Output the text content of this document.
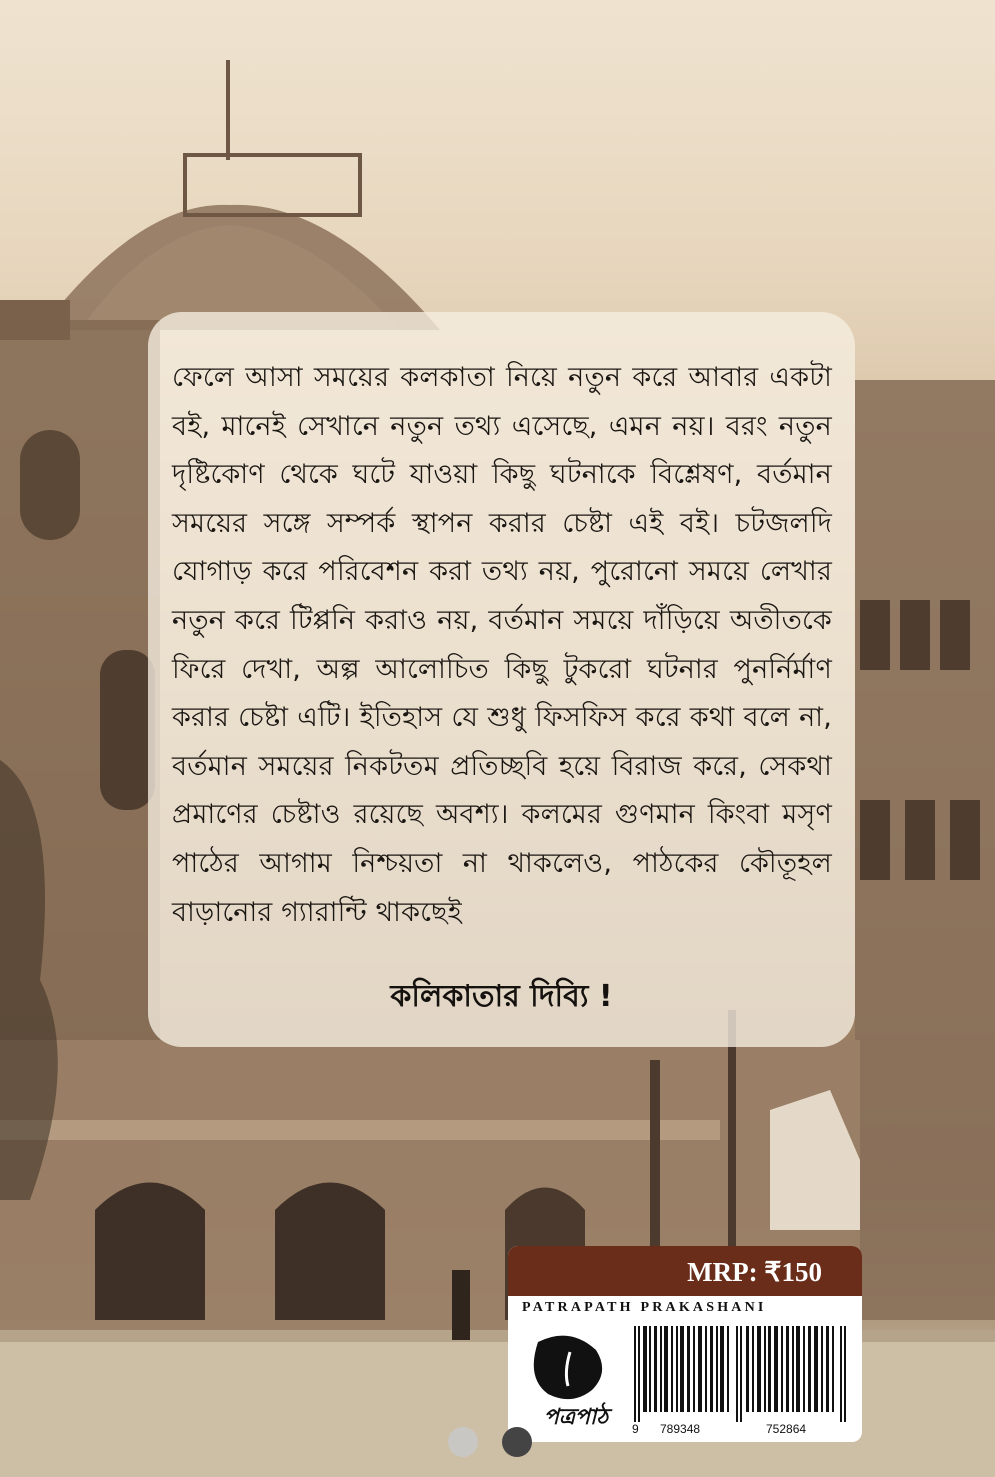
ফেলে আসা সময়ের কলকাতা নিয়ে নতুন করে আবার একটা বই, মানেই সেখানে নতুন তথ্য এসেছে, এমন নয়। বরং নতুন দৃষ্টিকোণ থেকে ঘটে যাওয়া কিছু ঘটনাকে বিশ্লেষণ, বর্তমান সময়ের সঙ্গে সম্পর্ক স্থাপন করার চেষ্টা এই বই। চটজলদি যোগাড় করে পরিবেশন করা তথ্য নয়, পুরোনো সময়ে লেখার নতুন করে টিপ্পনি করাও নয়, বর্তমান সময়ে দাঁড়িয়ে অতীতকে ফিরে দেখা, অল্প আলোচিত কিছু টুকরো ঘটনার পুনর্নির্মাণ করার চেষ্টা এটি। ইতিহাস যে শুধু ফিসফিস করে কথা বলে না, বর্তমান সময়ের নিকটতম প্রতিচ্ছবি হয়ে বিরাজ করে, সেকথা প্রমাণের চেষ্টাও রয়েছে অবশ্য। কলমের গুণমান কিংবা মসৃণ পাঠের আগাম নিশ্চয়তা না থাকলেও, পাঠকের কৌতূহল বাড়ানোর গ্যারান্টি থাকছেই

কলিকাতার দিব্যি !
MRP: ₹150
PATRAPATH PRAKASHANI
পত্রপাঠ	9 789348	752864
